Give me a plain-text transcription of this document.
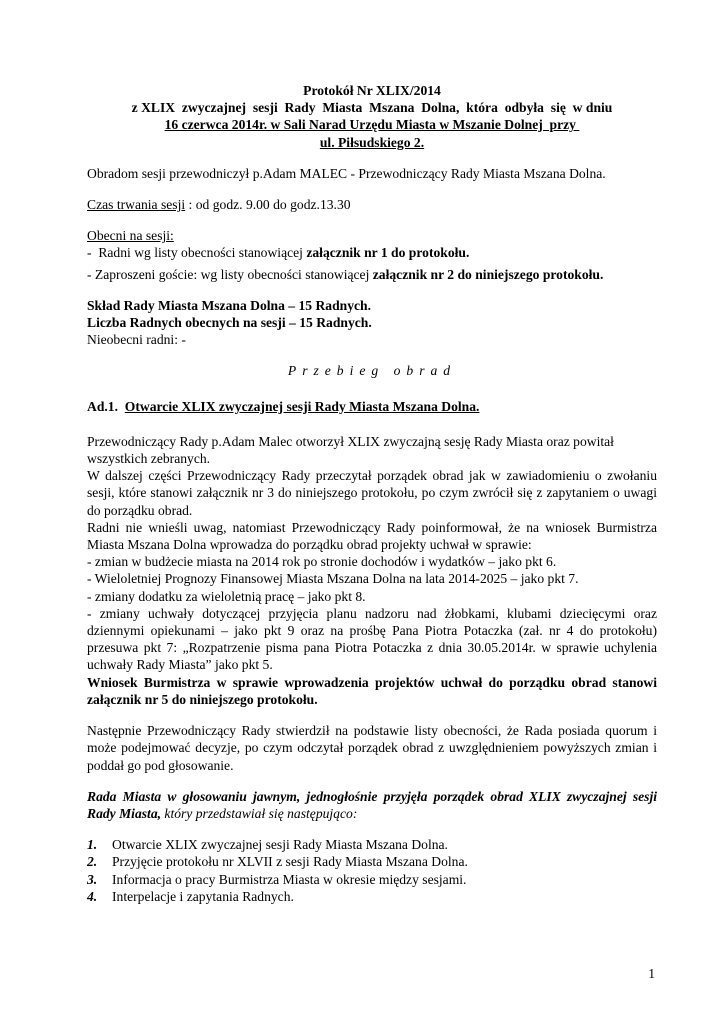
Protokół Nr XLIX/2014

z XLIX  zwyczajnej  sesji  Rady  Miasta  Mszana  Dolna,  która  odbyła  się  w dniu

16 czerwca 2014r. w Sali Narad Urzędu Miasta w Mszanie Dolnej  przy

ul. Piłsudskiego 2.

Obradom sesji przewodniczył p.Adam MALEC - Przewodniczący Rady Miasta Mszana Dolna.

Czas trwania sesji : od godz. 9.00 do godz.13.30

Obecni na sesji:

-  Radni wg listy obecności stanowiącej załącznik nr 1 do protokołu.

- Zaproszeni goście: wg listy obecności stanowiącej załącznik nr 2 do niniejszego protokołu.

Skład Rady Miasta Mszana Dolna – 15 Radnych.

Liczba Radnych obecnych na sesji – 15 Radnych.

Nieobecni radni: -

Przebieg obrad

Ad.1.  Otwarcie XLIX zwyczajnej sesji Rady Miasta Mszana Dolna.

Przewodniczący Rady p.Adam Malec otworzył XLIX zwyczajną sesję Rady Miasta oraz powitał wszystkich zebranych.

W dalszej części Przewodniczący Rady przeczytał porządek obrad jak w zawiadomieniu o zwołaniu sesji, które stanowi załącznik nr 3 do niniejszego protokołu, po czym zwrócił się z zapytaniem o uwagi do porządku obrad.

Radni nie wnieśli uwag, natomiast Przewodniczący Rady poinformował, że na wniosek Burmistrza Miasta Mszana Dolna wprowadza do porządku obrad projekty uchwał w sprawie:

- zmian w budżecie miasta na 2014 rok po stronie dochodów i wydatków – jako pkt 6.

- Wieloletniej Prognozy Finansowej Miasta Mszana Dolna na lata 2014-2025 – jako pkt 7.

- zmiany dodatku za wieloletnią pracę – jako pkt 8.

- zmiany uchwały dotyczącej przyjęcia planu nadzoru nad żłobkami, klubami dziecięcymi oraz dziennymi opiekunami – jako pkt 9 oraz na prośbę Pana Piotra Potaczka (zał. nr 4 do protokołu) przesuwa pkt 7: „Rozpatrzenie pisma pana Piotra Potaczka z dnia 30.05.2014r. w sprawie uchylenia uchwały Rady Miasta” jako pkt 5.

Wniosek Burmistrza w sprawie wprowadzenia projektów uchwał do porządku obrad stanowi załącznik nr 5 do niniejszego protokołu.

Następnie Przewodniczący Rady stwierdził na podstawie listy obecności, że Rada posiada quorum i może podejmować decyzje, po czym odczytał porządek obrad z uwzględnieniem powyższych zmian i poddał go pod głosowanie.

Rada Miasta w głosowaniu jawnym, jednogłośnie przyjęła porządek obrad XLIX zwyczajnej sesji Rady Miasta, który przedstawiał się następująco:

1.	Otwarcie XLIX zwyczajnej sesji Rady Miasta Mszana Dolna.
2.	Przyjęcie protokołu nr XLVII z sesji Rady Miasta Mszana Dolna.
3.	Informacja o pracy Burmistrza Miasta w okresie między sesjami.
4.	Interpelacje i zapytania Radnych.
1
